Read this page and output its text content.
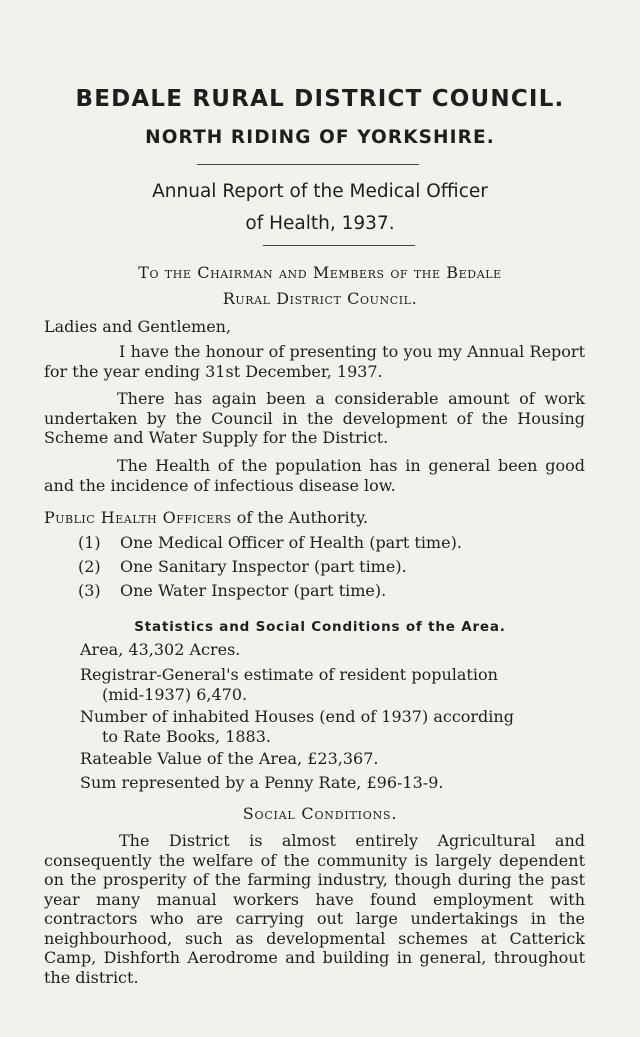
BEDALE RURAL DISTRICT COUNCIL.
NORTH RIDING OF YORKSHIRE.
Annual Report of the Medical Officer
of Health, 1937.
To the Chairman and Members of the Bedale
Rural District Council.
Ladies and Gentlemen,

I have the honour of presenting to you my Annual Report for the year ending 31st December, 1937.

There has again been a considerable amount of work undertaken by the Council in the development of the Housing Scheme and Water Supply for the District.

The Health of the population has in general been good and the incidence of infectious disease low.

Public Health Officers of the Authority.
(1) One Medical Officer of Health (part time).
(2) One Sanitary Inspector (part time).
(3) One Water Inspector (part time).
Statistics and Social Conditions of the Area.
Area, 43,302 Acres.
Registrar-General's estimate of resident population
(mid-1937) 6,470.
Number of inhabited Houses (end of 1937) according
to Rate Books, 1883.
Rateable Value of the Area, £23,367.
Sum represented by a Penny Rate, £96-13-9.
Social Conditions.

The District is almost entirely Agricultural and consequently the welfare of the community is largely dependent on the prosperity of the farming industry, though during the past year many manual workers have found employment with contractors who are carrying out large undertakings in the neighbourhood, such as developmental schemes at Catterick Camp, Dishforth Aerodrome and building in general, throughout the district.
